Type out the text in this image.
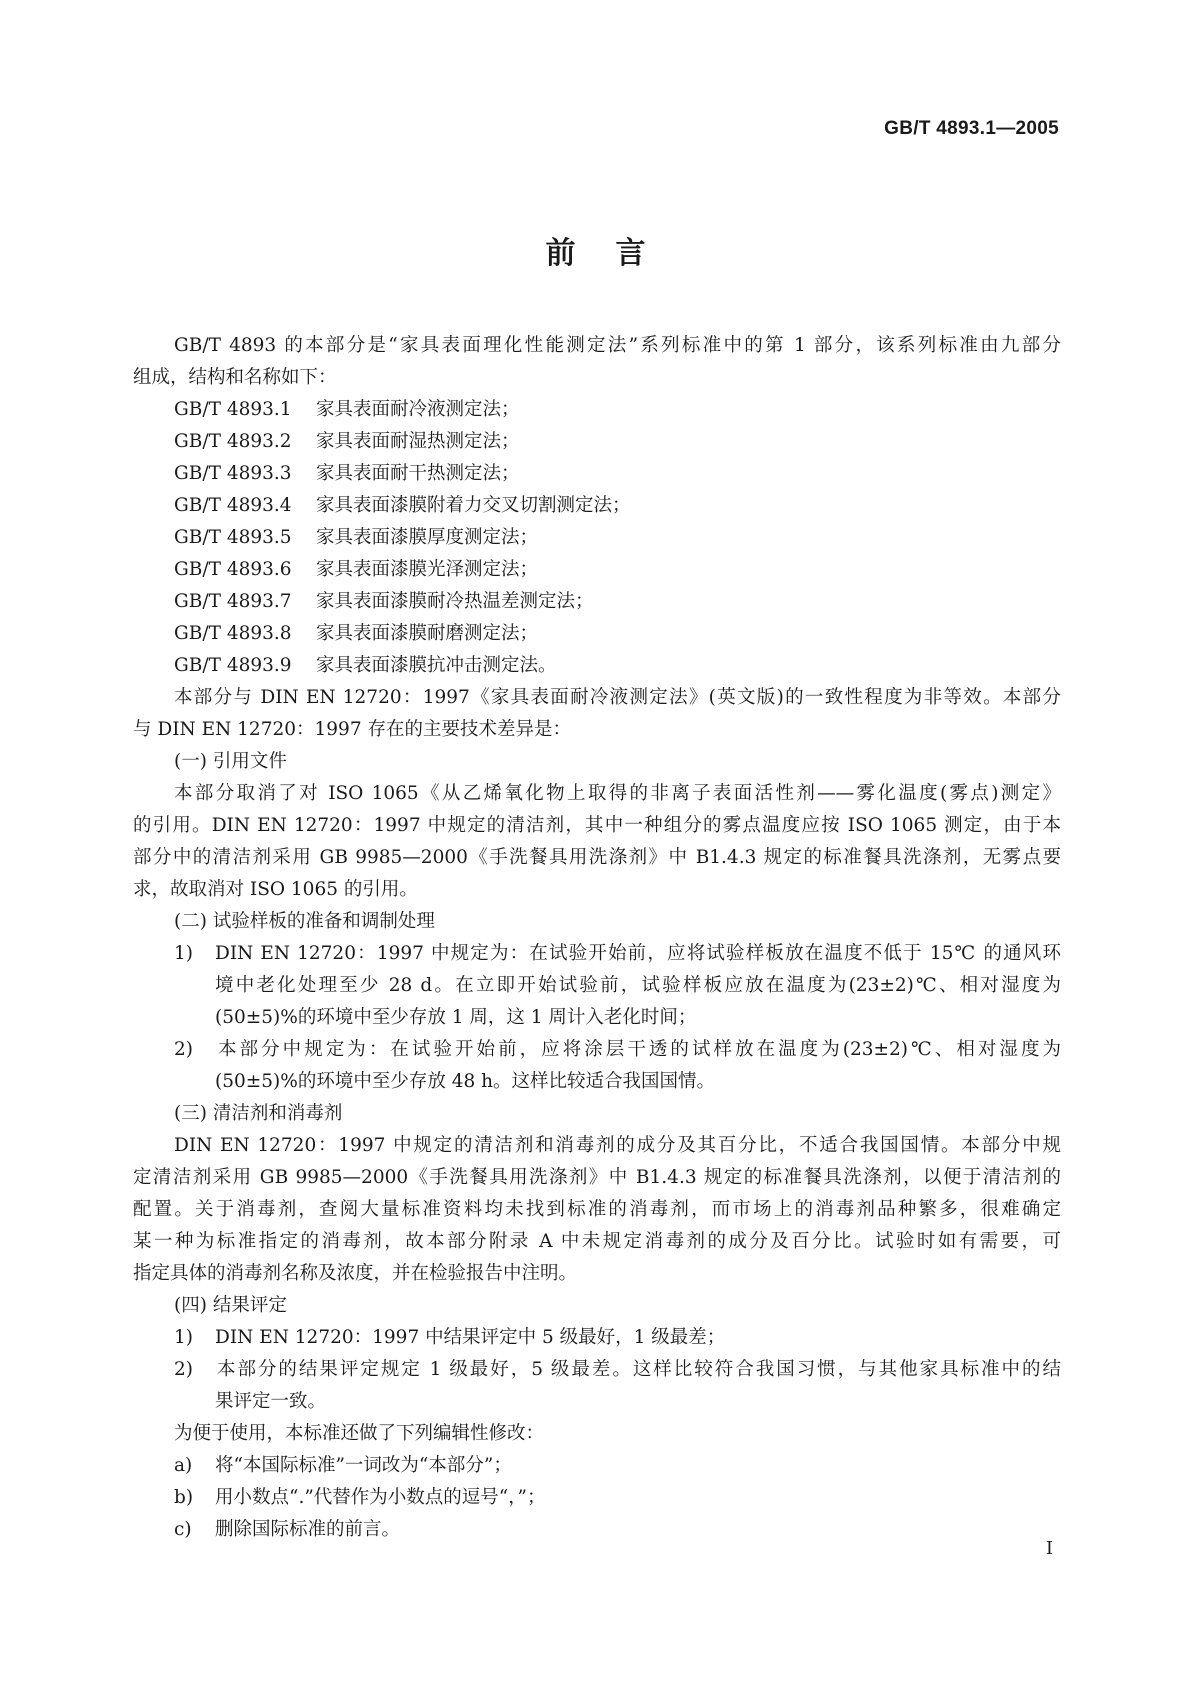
GB/T 4893.1—2005
前言
GB/T 4893 的本部分是“家具表面理化性能测定法”系列标准中的第 1 部分，该系列标准由九部分
组成，结构和名称如下：
GB/T 4893.1 家具表面耐冷液测定法；
GB/T 4893.2 家具表面耐湿热测定法；
GB/T 4893.3 家具表面耐干热测定法；
GB/T 4893.4 家具表面漆膜附着力交叉切割测定法；
GB/T 4893.5 家具表面漆膜厚度测定法；
GB/T 4893.6 家具表面漆膜光泽测定法；
GB/T 4893.7 家具表面漆膜耐冷热温差测定法；
GB/T 4893.8 家具表面漆膜耐磨测定法；
GB/T 4893.9 家具表面漆膜抗冲击测定法。
本部分与 DIN EN 12720：1997《家具表面耐冷液测定法》(英文版)的一致性程度为非等效。本部分
与 DIN EN 12720：1997 存在的主要技术差异是：
(一) 引用文件
本部分取消了对 ISO 1065《从乙烯氧化物上取得的非离子表面活性剂——雾化温度(雾点)测定》
的引用。DIN EN 12720：1997 中规定的清洁剂，其中一种组分的雾点温度应按 ISO 1065 测定，由于本
部分中的清洁剂采用 GB 9985—2000《手洗餐具用洗涤剂》中 B1.4.3 规定的标准餐具洗涤剂，无雾点要
求，故取消对 ISO 1065 的引用。
(二) 试验样板的准备和调制处理
1) DIN EN 12720：1997 中规定为：在试验开始前，应将试验样板放在温度不低于 15℃ 的通风环
境中老化处理至少 28 d。在立即开始试验前，试验样板应放在温度为(23±2)℃、相对湿度为
(50±5)%的环境中至少存放 1 周，这 1 周计入老化时间；
2) 本部分中规定为：在试验开始前，应将涂层干透的试样放在温度为(23±2)℃、相对湿度为
(50±5)%的环境中至少存放 48 h。这样比较适合我国国情。
(三) 清洁剂和消毒剂
DIN EN 12720：1997 中规定的清洁剂和消毒剂的成分及其百分比，不适合我国国情。本部分中规
定清洁剂采用 GB 9985—2000《手洗餐具用洗涤剂》中 B1.4.3 规定的标准餐具洗涤剂，以便于清洁剂的
配置。关于消毒剂，查阅大量标准资料均未找到标准的消毒剂，而市场上的消毒剂品种繁多，很难确定
某一种为标准指定的消毒剂，故本部分附录 A 中未规定消毒剂的成分及百分比。试验时如有需要，可
指定具体的消毒剂名称及浓度，并在检验报告中注明。
(四) 结果评定
1) DIN EN 12720：1997 中结果评定中 5 级最好，1 级最差；
2) 本部分的结果评定规定 1 级最好，5 级最差。这样比较符合我国习惯，与其他家具标准中的结
果评定一致。
为便于使用，本标准还做了下列编辑性修改：
a) 将“本国际标准”一词改为“本部分”；
b) 用小数点“.”代替作为小数点的逗号“，”；
c) 删除国际标准的前言。
I
